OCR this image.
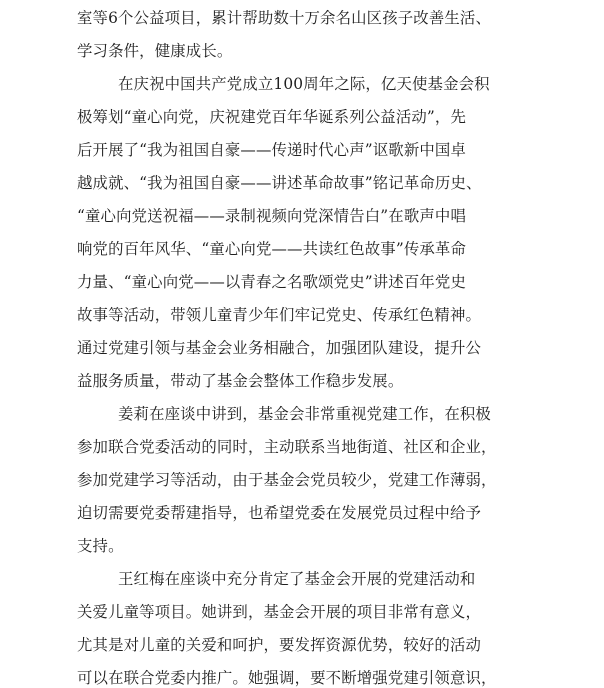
室等6个公益项目，累计帮助数十万余名山区孩子改善生活、
学习条件，健康成长。
在庆祝中国共产党成立100周年之际，亿天使基金会积
极筹划“童心向党，庆祝建党百年华诞系列公益活动”，先
后开展了“我为祖国自豪——传递时代心声”讴歌新中国卓
越成就、“我为祖国自豪——讲述革命故事”铭记革命历史、
“童心向党送祝福——录制视频向党深情告白”在歌声中唱
响党的百年风华、“童心向党——共读红色故事”传承革命
力量、“童心向党——以青春之名歌颂党史”讲述百年党史
故事等活动，带领儿童青少年们牢记党史、传承红色精神。
通过党建引领与基金会业务相融合，加强团队建设，提升公
益服务质量，带动了基金会整体工作稳步发展。
姜莉在座谈中讲到，基金会非常重视党建工作，在积极
参加联合党委活动的同时，主动联系当地街道、社区和企业，
参加党建学习等活动，由于基金会党员较少，党建工作薄弱，
迫切需要党委帮建指导，也希望党委在发展党员过程中给予
支持。
王红梅在座谈中充分肯定了基金会开展的党建活动和
关爱儿童等项目。她讲到，基金会开展的项目非常有意义，
尤其是对儿童的关爱和呵护，要发挥资源优势，较好的活动
可以在联合党委内推广。她强调，要不断增强党建引领意识，
